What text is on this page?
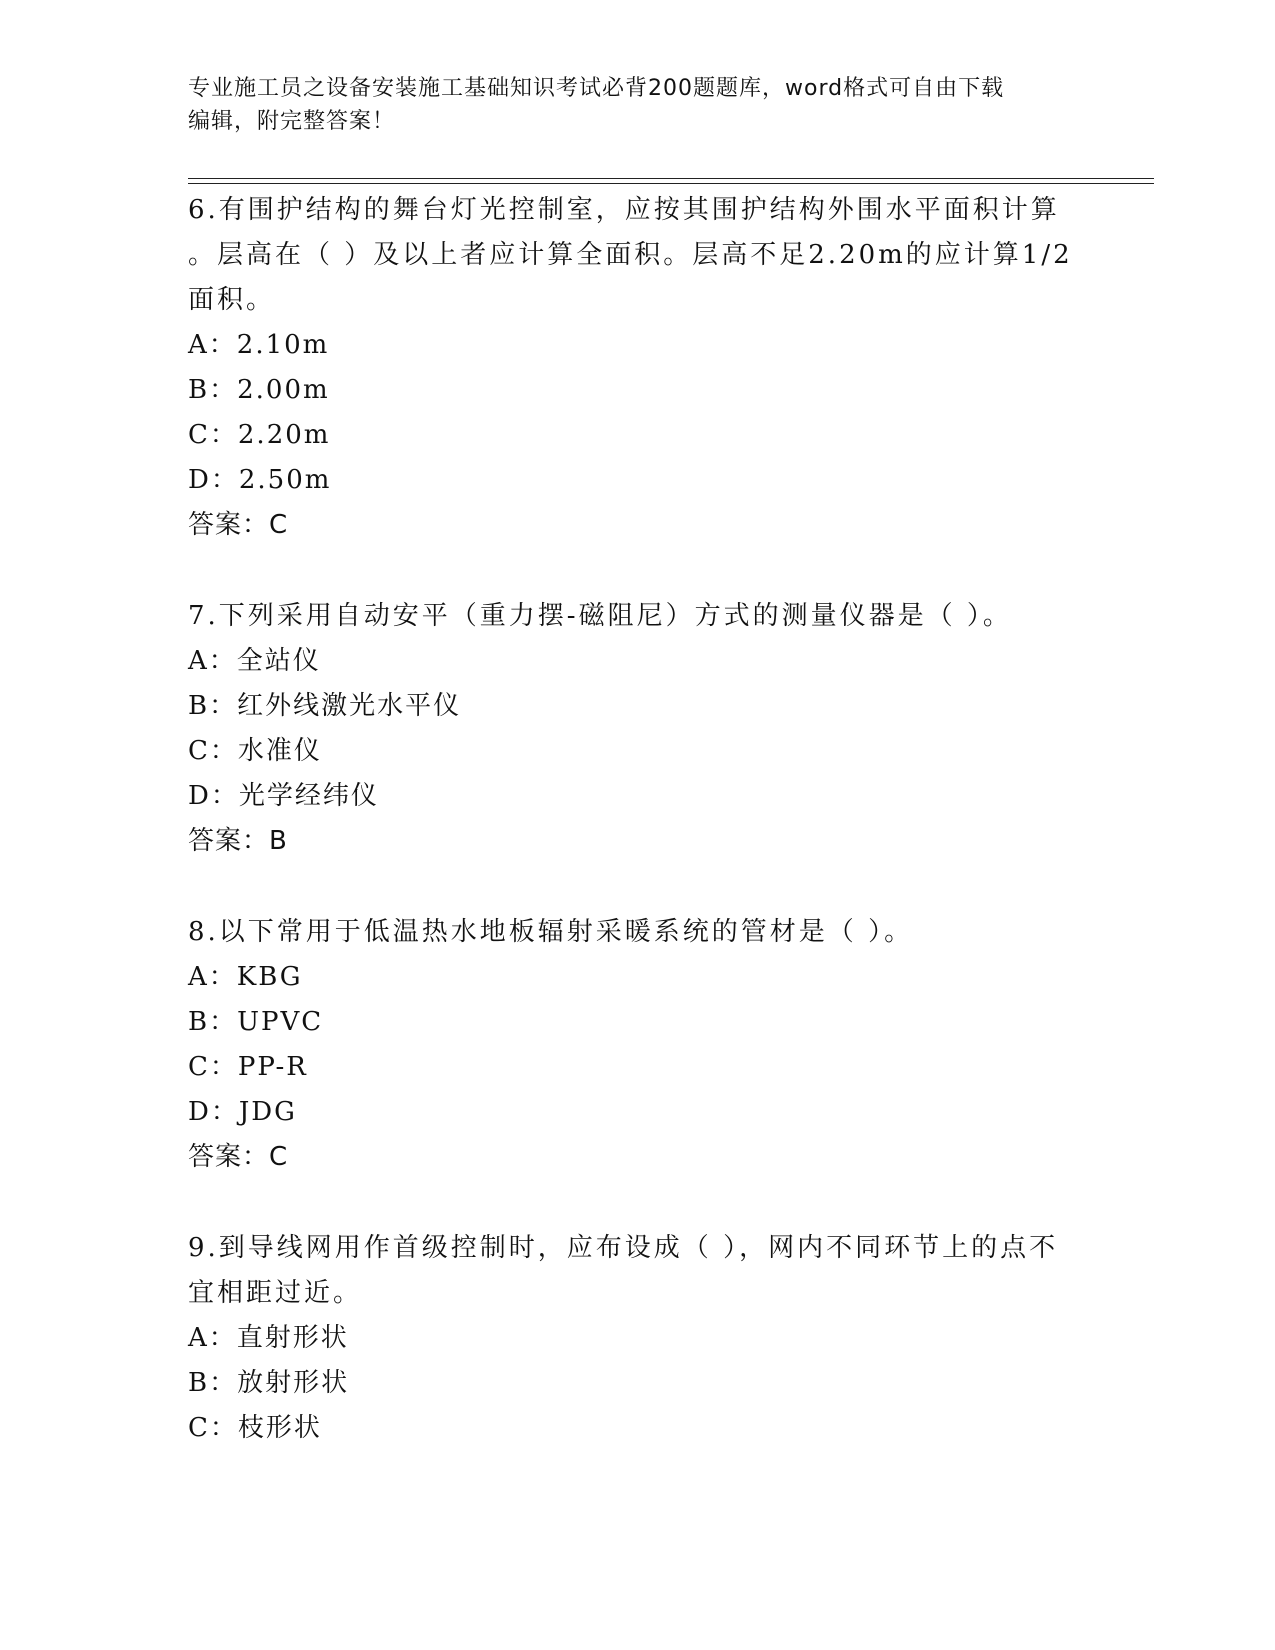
专业施工员之设备安装施工基础知识考试必背200题题库，word格式可自由下载
编辑，附完整答案！

6.有围护结构的舞台灯光控制室，应按其围护结构外围水平面积计算

。层高在（ ）及以上者应计算全面积。层高不足2.20m的应计算1/2

面积。

A：2.10m

B：2.00m

C：2.20m

D：2.50m

答案：C

7.下列采用自动安平（重力摆-磁阻尼）方式的测量仪器是（ ）。

A：全站仪

B：红外线激光水平仪

C：水准仪

D：光学经纬仪

答案：B

8.以下常用于低温热水地板辐射采暖系统的管材是（ ）。

A：KBG

B：UPVC

C：PP-R

D：JDG

答案：C

9.到导线网用作首级控制时，应布设成（ ），网内不同环节上的点不

宜相距过近。

A：直射形状

B：放射形状

C：枝形状
